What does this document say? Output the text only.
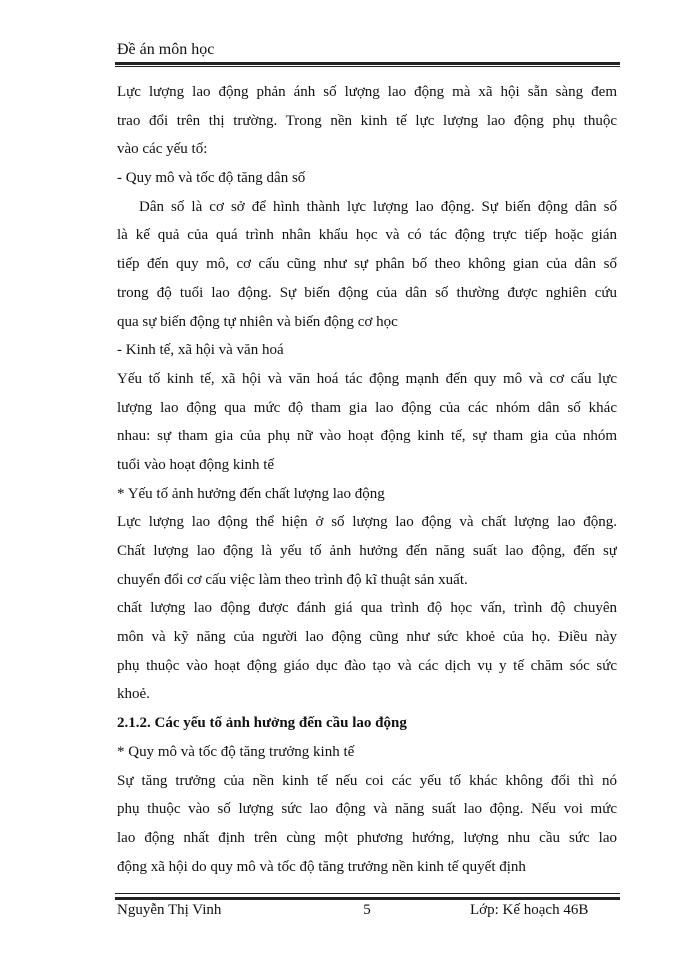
Đề án môn học
Lực lượng lao động phản ánh số lượng lao động mà xã hội sẵn sàng đem
trao đổi trên thị trường. Trong nền kinh tế lực lượng lao động phụ thuộc
vào các yếu tố:
- Quy mô và tốc độ tăng dân số
Dân số là cơ sở để hình thành lực lượng lao động. Sự biến động dân số
là kế quả của quá trình nhân khẩu học và có tác động trực tiếp hoặc gián
tiếp đến quy mô, cơ cấu cũng như sự phân bố theo không gian của dân số
trong độ tuổi lao động. Sự biến động của dân số thường được nghiên cứu
qua sự biến động tự nhiên và biến động cơ học
- Kinh tế, xã hội và văn hoá
Yếu tố kinh tế, xã hội và văn hoá tác động mạnh đến quy mô và cơ cấu lực
lượng lao động qua mức độ tham gia lao động của các nhóm dân số khác
nhau: sự tham gia của phụ nữ vào hoạt động kinh tế, sự tham gia của nhóm
tuổi vào hoạt động kinh tế
* Yếu tố ảnh hưởng đến chất lượng lao động
Lực lượng lao động thể hiện ở số lượng lao động và chất lượng lao động.
Chất lượng lao động là yếu tố ảnh hưởng đến năng suất lao động, đến sự
chuyển đổi cơ cấu việc làm theo trình độ kĩ thuật sản xuất.
chất lượng lao động được đánh giá qua trình độ học vấn, trình độ chuyên
môn và kỹ năng của người lao động cũng như sức khoẻ của họ. Điều này
phụ thuộc vào hoạt động giáo dục đào tạo và các dịch vụ y tế chăm sóc sức
khoẻ.
2.1.2. Các yếu tố ảnh hưởng đến cầu lao động
* Quy mô và tốc độ tăng trưởng kinh tế
Sự tăng trưởng của nền kinh tế nếu coi các yếu tố khác không đổi thì nó
phụ thuộc vào số lượng sức lao động và năng suất lao động. Nếu voi mức
lao động nhất định trên cùng một phương hướng, lượng nhu cầu sức lao
động xã hội do quy mô và tốc độ tăng trưởng nền kinh tế quyết định
Nguyễn Thị Vinh	5	Lớp: Kế hoạch 46B
